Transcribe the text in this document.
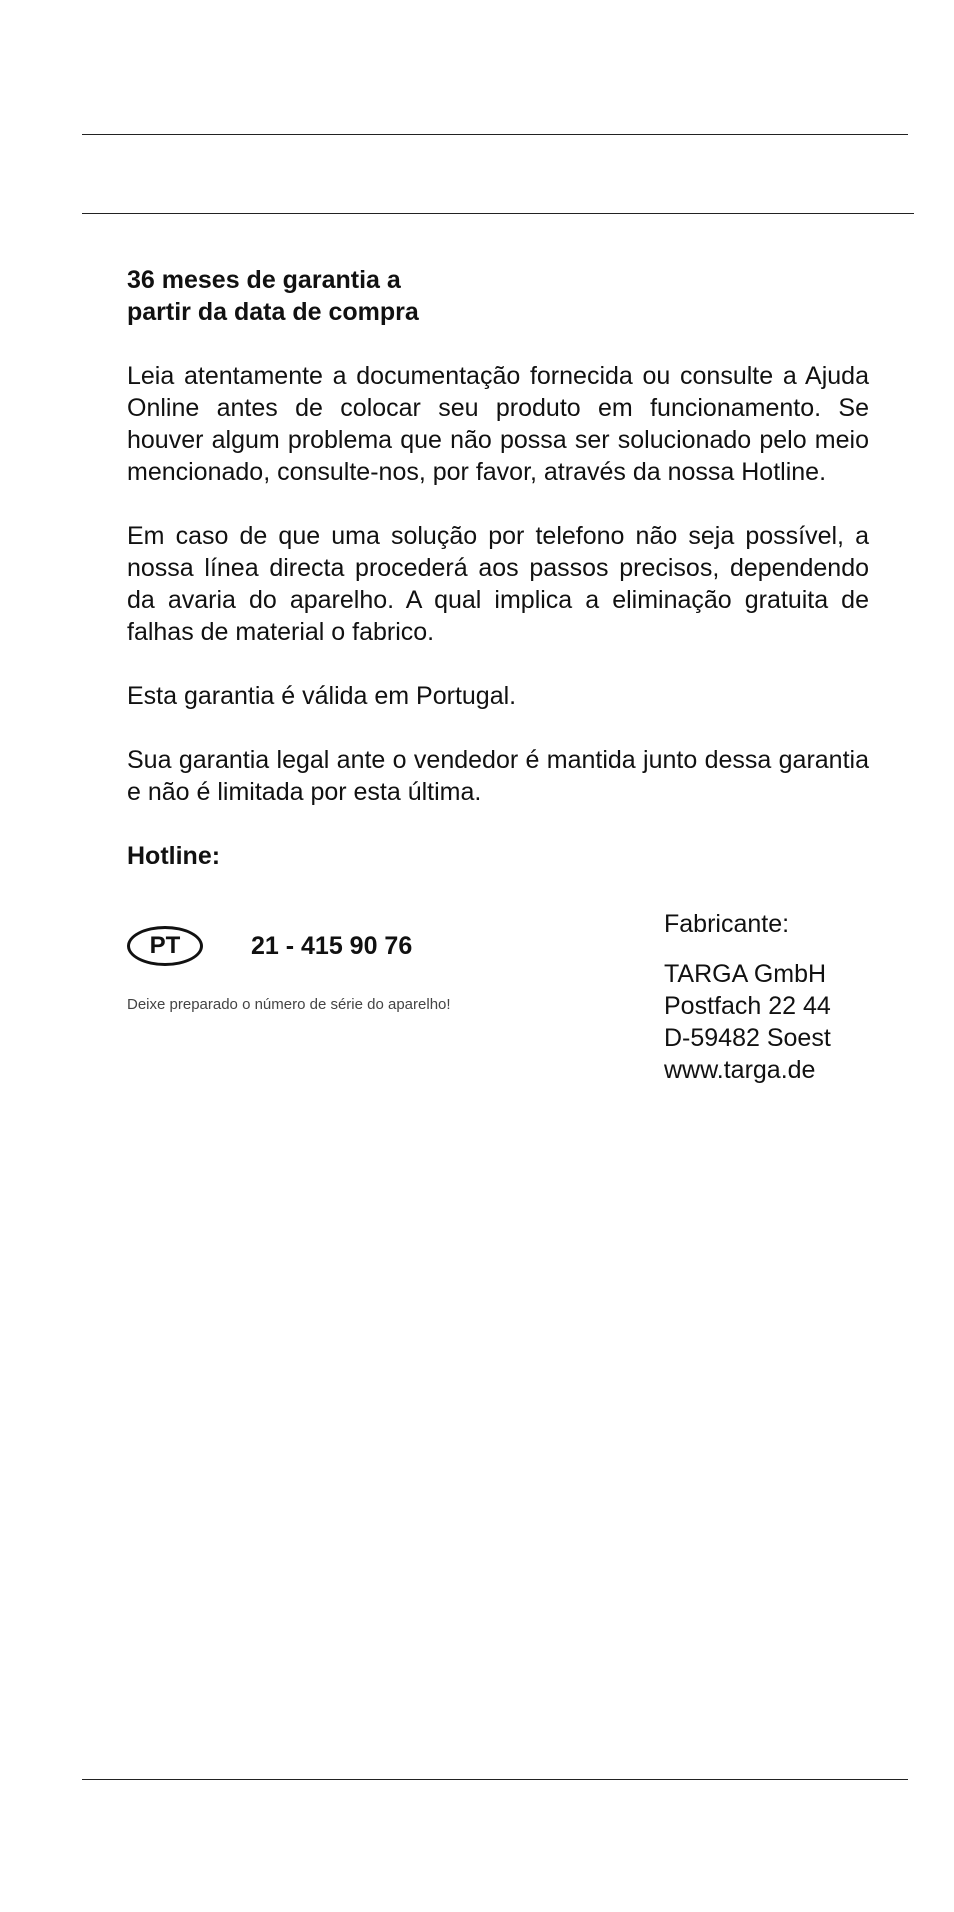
36 meses de garantia a
partir da data de compra

Leia atentamente a documentação fornecida ou consulte a Ajuda Online antes de colocar seu produto em funcionamento. Se houver algum problema que não possa ser solucionado pelo meio mencionado, consulte-nos, por favor, através da nossa Hotline.

Em caso de que uma solução por telefono não seja possível, a nossa línea directa procederá aos passos precisos, dependendo da avaria do aparelho. A qual implica a eliminação gratuita de falhas de material o fabrico.

Esta garantia é válida em Portugal.

Sua garantia legal ante o vendedor é mantida junto dessa garantia e não é limitada por esta última.

Hotline:

PT	21 - 415 90 76
Deixe preparado o número de série do aparelho!

Fabricante:

TARGA GmbH

Postfach 22 44

D-59482 Soest

www.targa.de
